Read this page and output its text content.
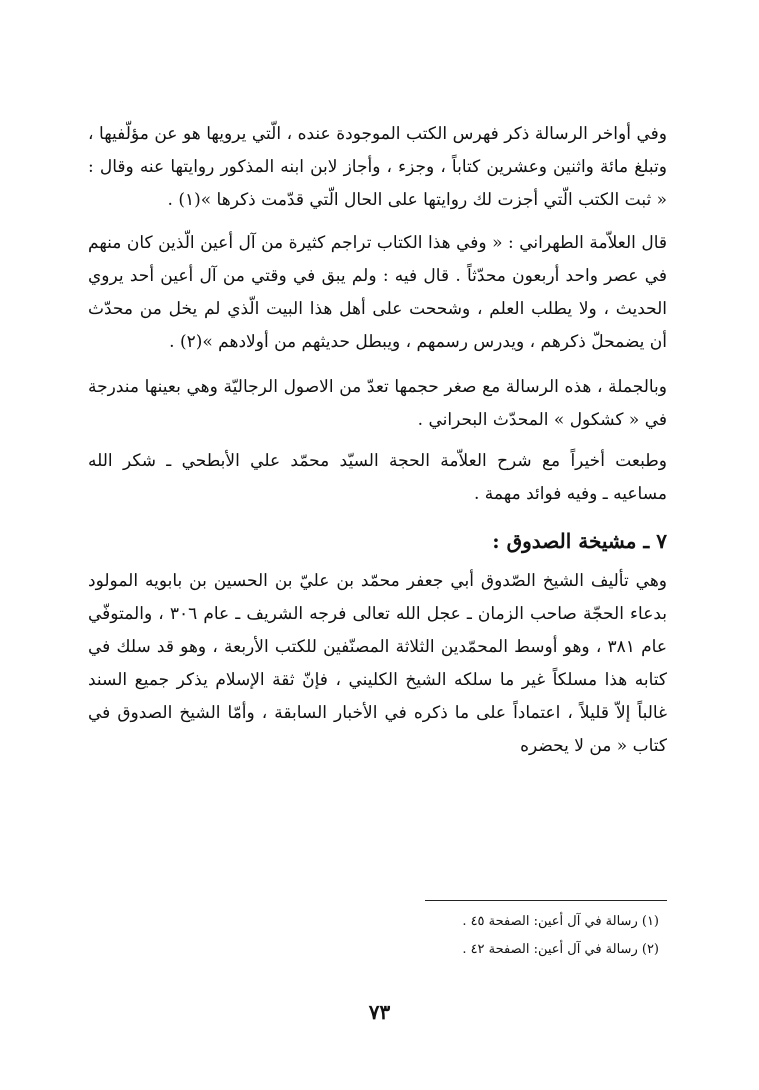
وفي أواخر الرسالة ذكر فهرس الكتب الموجودة عنده ، الّتي يرويها هو عن مؤلّفيها ، وتبلغ مائة واثنين وعشرين كتاباً ، وجزء ، وأجاز لابن ابنه المذكور روايتها عنه وقال : « ثبت الكتب الّتي أجزت لك روايتها على الحال الّتي قدّمت ذكرها »(١) .

قال العلاّمة الطهراني : « وفي هذا الكتاب تراجم كثيرة من آل أعين الّذين كان منهم في عصر واحد أربعون محدّثاً . قال فيه : ولم يبق في وقتي من آل أعين أحد يروي الحديث ، ولا يطلب العلم ، وشححت على أهل هذا البيت الّذي لم يخل من محدّث أن يضمحلّ ذكرهم ، ويدرس رسمهم ، ويبطل حديثهم من أولادهم »(٢) .

وبالجملة ، هذه الرسالة مع صغر حجمها تعدّ من الاصول الرجاليّة وهي بعينها مندرجة في « كشكول » المحدّث البحراني .

وطبعت أخيراً مع شرح العلاّمة الحجة السيّد محمّد علي الأبطحي ـ شكر الله مساعيه ـ وفيه فوائد مهمة .

٧ ـ مشيخة الصدوق :

وهي تأليف الشيخ الصّدوق أبي جعفر محمّد بن عليّ بن الحسين بن بابويه المولود بدعاء الحجّة صاحب الزمان ـ عجل الله تعالى فرجه الشريف ـ عام ٣٠٦ ، والمتوفّي عام ٣٨١ ، وهو أوسط المحمّدين الثلاثة المصنّفين للكتب الأربعة ، وهو قد سلك في كتابه هذا مسلكاً غير ما سلكه الشيخ الكليني ، فإنّ ثقة الإسلام يذكر جميع السند غالباً إلاّ قليلاً ، اعتماداً على ما ذكره في الأخبار السابقة ، وأمّا الشيخ الصدوق في كتاب « من لا يحضره

(١) رسالة في آل أعين: الصفحة ٤٥ .
(٢) رسالة في آل أعين: الصفحة ٤٢ .
٧٣
